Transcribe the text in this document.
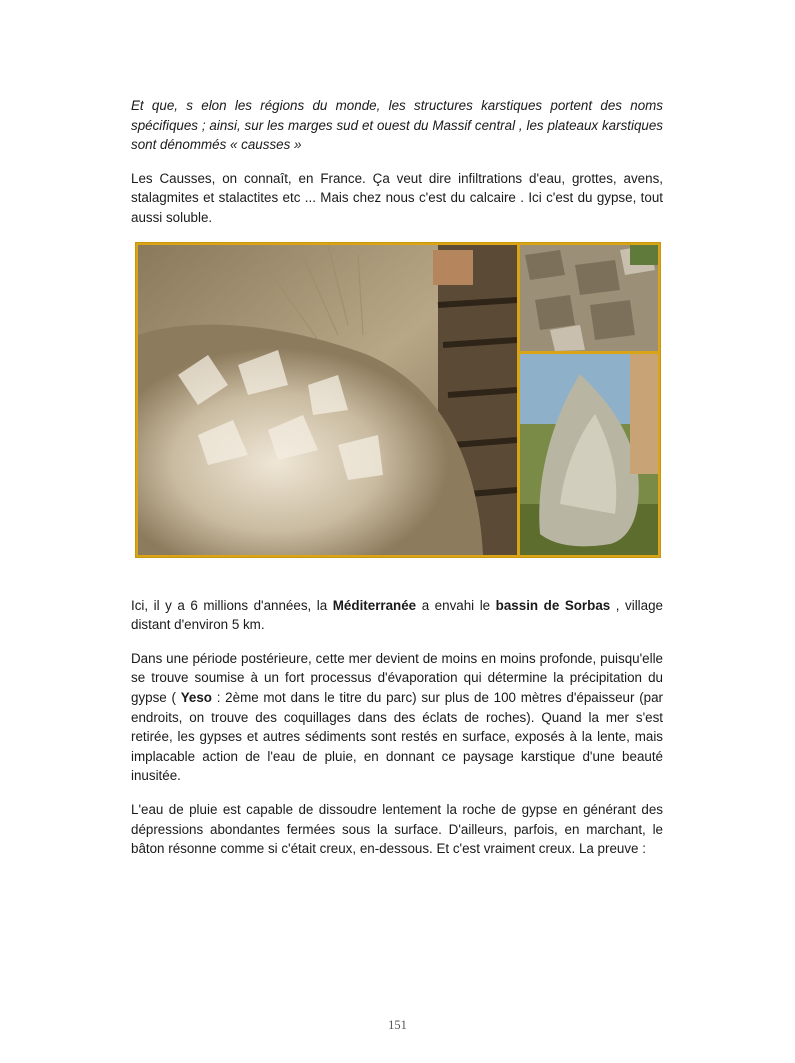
Et que, s elon les régions du monde, les structures karstiques portent des noms spécifiques ; ainsi, sur les marges sud et ouest du Massif central , les plateaux karstiques sont dénommés « causses »

Les Causses, on connaît, en France. Ça veut dire infiltrations d'eau, grottes, avens, stalagmites et stalactites etc ... Mais chez nous c'est du calcaire . Ici c'est du gypse, tout aussi soluble.

Ici, il y a 6 millions d'années, la Méditerranée a envahi le bassin de Sorbas , village distant d'environ 5 km.

Dans une période postérieure, cette mer devient de moins en moins profonde, puisqu'elle se trouve soumise à un fort processus d'évaporation qui détermine la précipitation du gypse ( Yeso : 2ème mot dans le titre du parc) sur plus de 100 mètres d'épaisseur (par endroits, on trouve des coquillages dans des éclats de roches). Quand la mer s'est retirée, les gypses et autres sédiments sont restés en surface, exposés à la lente, mais implacable action de l'eau de pluie, en donnant ce paysage karstique d'une beauté inusitée.

L'eau de pluie est capable de dissoudre lentement la roche de gypse en générant des dépressions abondantes fermées sous la surface. D'ailleurs, parfois, en marchant, le bâton résonne comme si c'était creux, en-dessous. Et c'est vraiment creux. La preuve :

151
